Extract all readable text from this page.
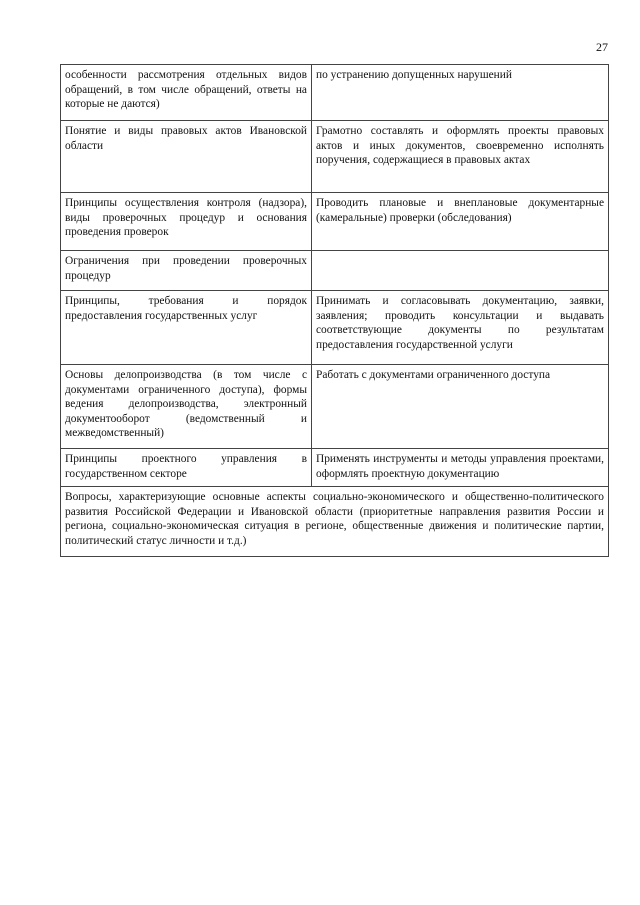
27
особенности рассмотрения отдельных видов обращений, в том числе обращений, ответы на которые не даются)	по устранению допущенных нарушений
Понятие и виды правовых актов Ивановской области	Грамотно составлять и оформлять проекты правовых актов и иных документов, своевременно исполнять поручения, содержащиеся в правовых актах
Принципы осуществления контроля (надзора), виды проверочных процедур и основания проведения проверок	Проводить плановые и внеплановые документарные (камеральные) проверки (обследования)
Ограничения при проведении проверочных процедур	
Принципы, требования и порядок предоставления государственных услуг	Принимать и согласовывать документацию, заявки, заявления; проводить консультации и выдавать соответствующие документы по результатам предоставления государственной услуги
Основы делопроизводства (в том числе с документами ограниченного доступа), формы ведения делопроизводства, электронный документооборот (ведомственный и межведомственный)	Работать с документами ограниченного доступа
Принципы проектного управления в государственном секторе	Применять инструменты и методы управления проектами, оформлять проектную документацию
Вопросы, характеризующие основные аспекты социально-экономического и общественно-политического развития Российской Федерации и Ивановской области (приоритетные направления развития России и региона, социально-экономическая ситуация в регионе, общественные движения и политические партии, политический статус личности и т.д.)	
